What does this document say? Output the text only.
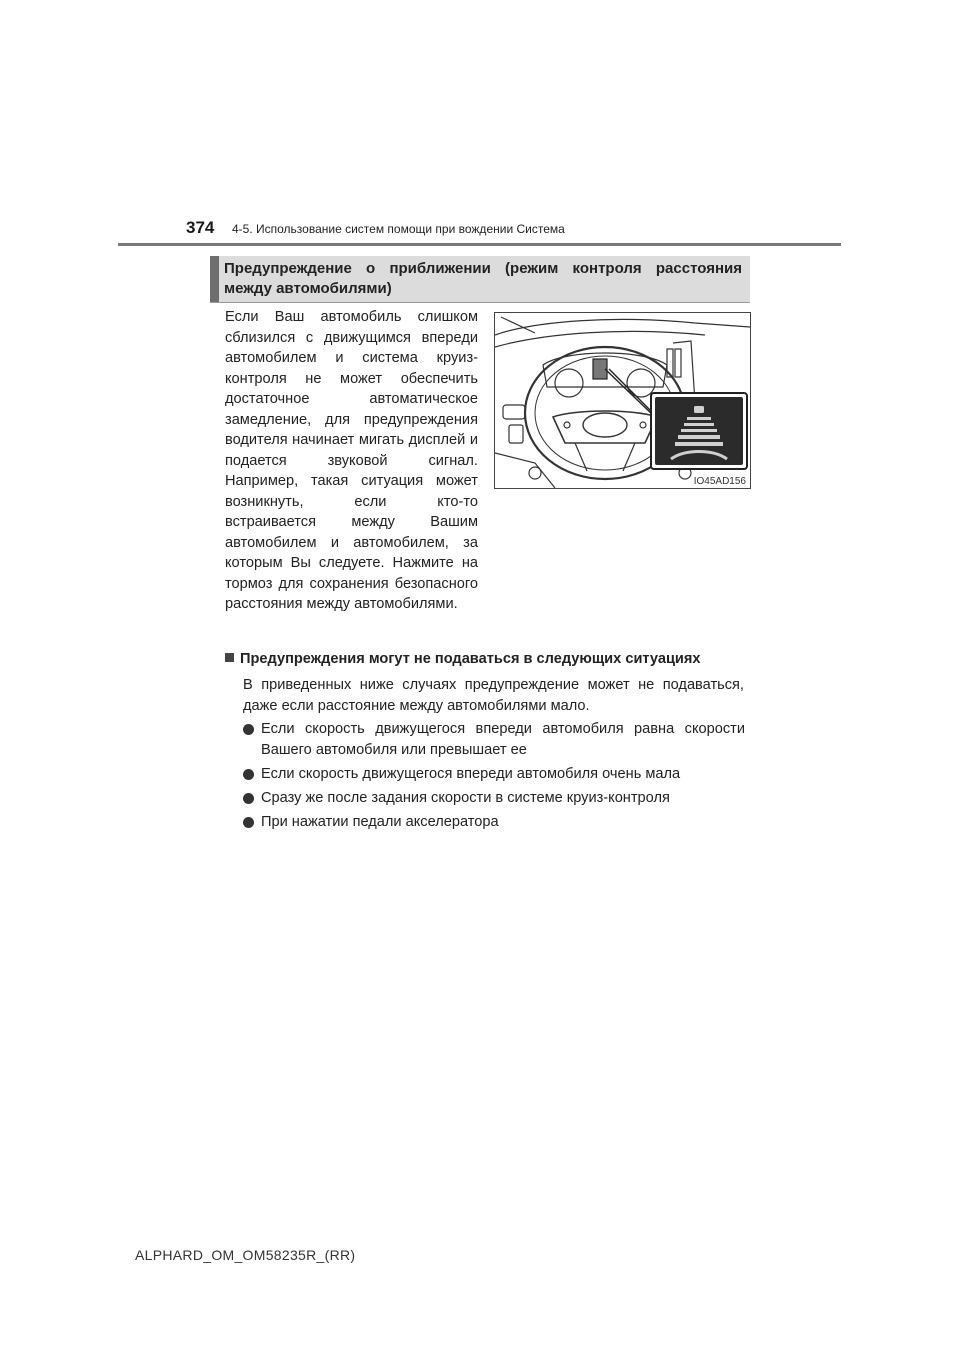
374 4-5. Использование систем помощи при вождении Система
Предупреждение о приближении (режим контроля расстояния между автомобилями)
Если Ваш автомобиль слишком сблизился с движущимся впереди автомобилем и система круиз-контроля не может обеспечить достаточное автоматическое замедление, для предупреждения водителя начинает мигать дисплей и подается звуковой сигнал. Например, такая ситуация может возникнуть, если кто-то встраивается между Вашим автомобилем и автомобилем, за которым Вы следуете. Нажмите на тормоз для сохранения безопасного расстояния между автомобилями.
IO45AD156
Предупреждения могут не подаваться в следующих ситуациях
В приведенных ниже случаях предупреждение может не подаваться, даже если расстояние между автомобилями мало.
Если скорость движущегося впереди автомобиля равна скорости Вашего автомобиля или превышает ее
Если скорость движущегося впереди автомобиля очень мала
Сразу же после задания скорости в системе круиз-контроля
При нажатии педали акселератора
ALPHARD_OM_OM58235R_(RR)
